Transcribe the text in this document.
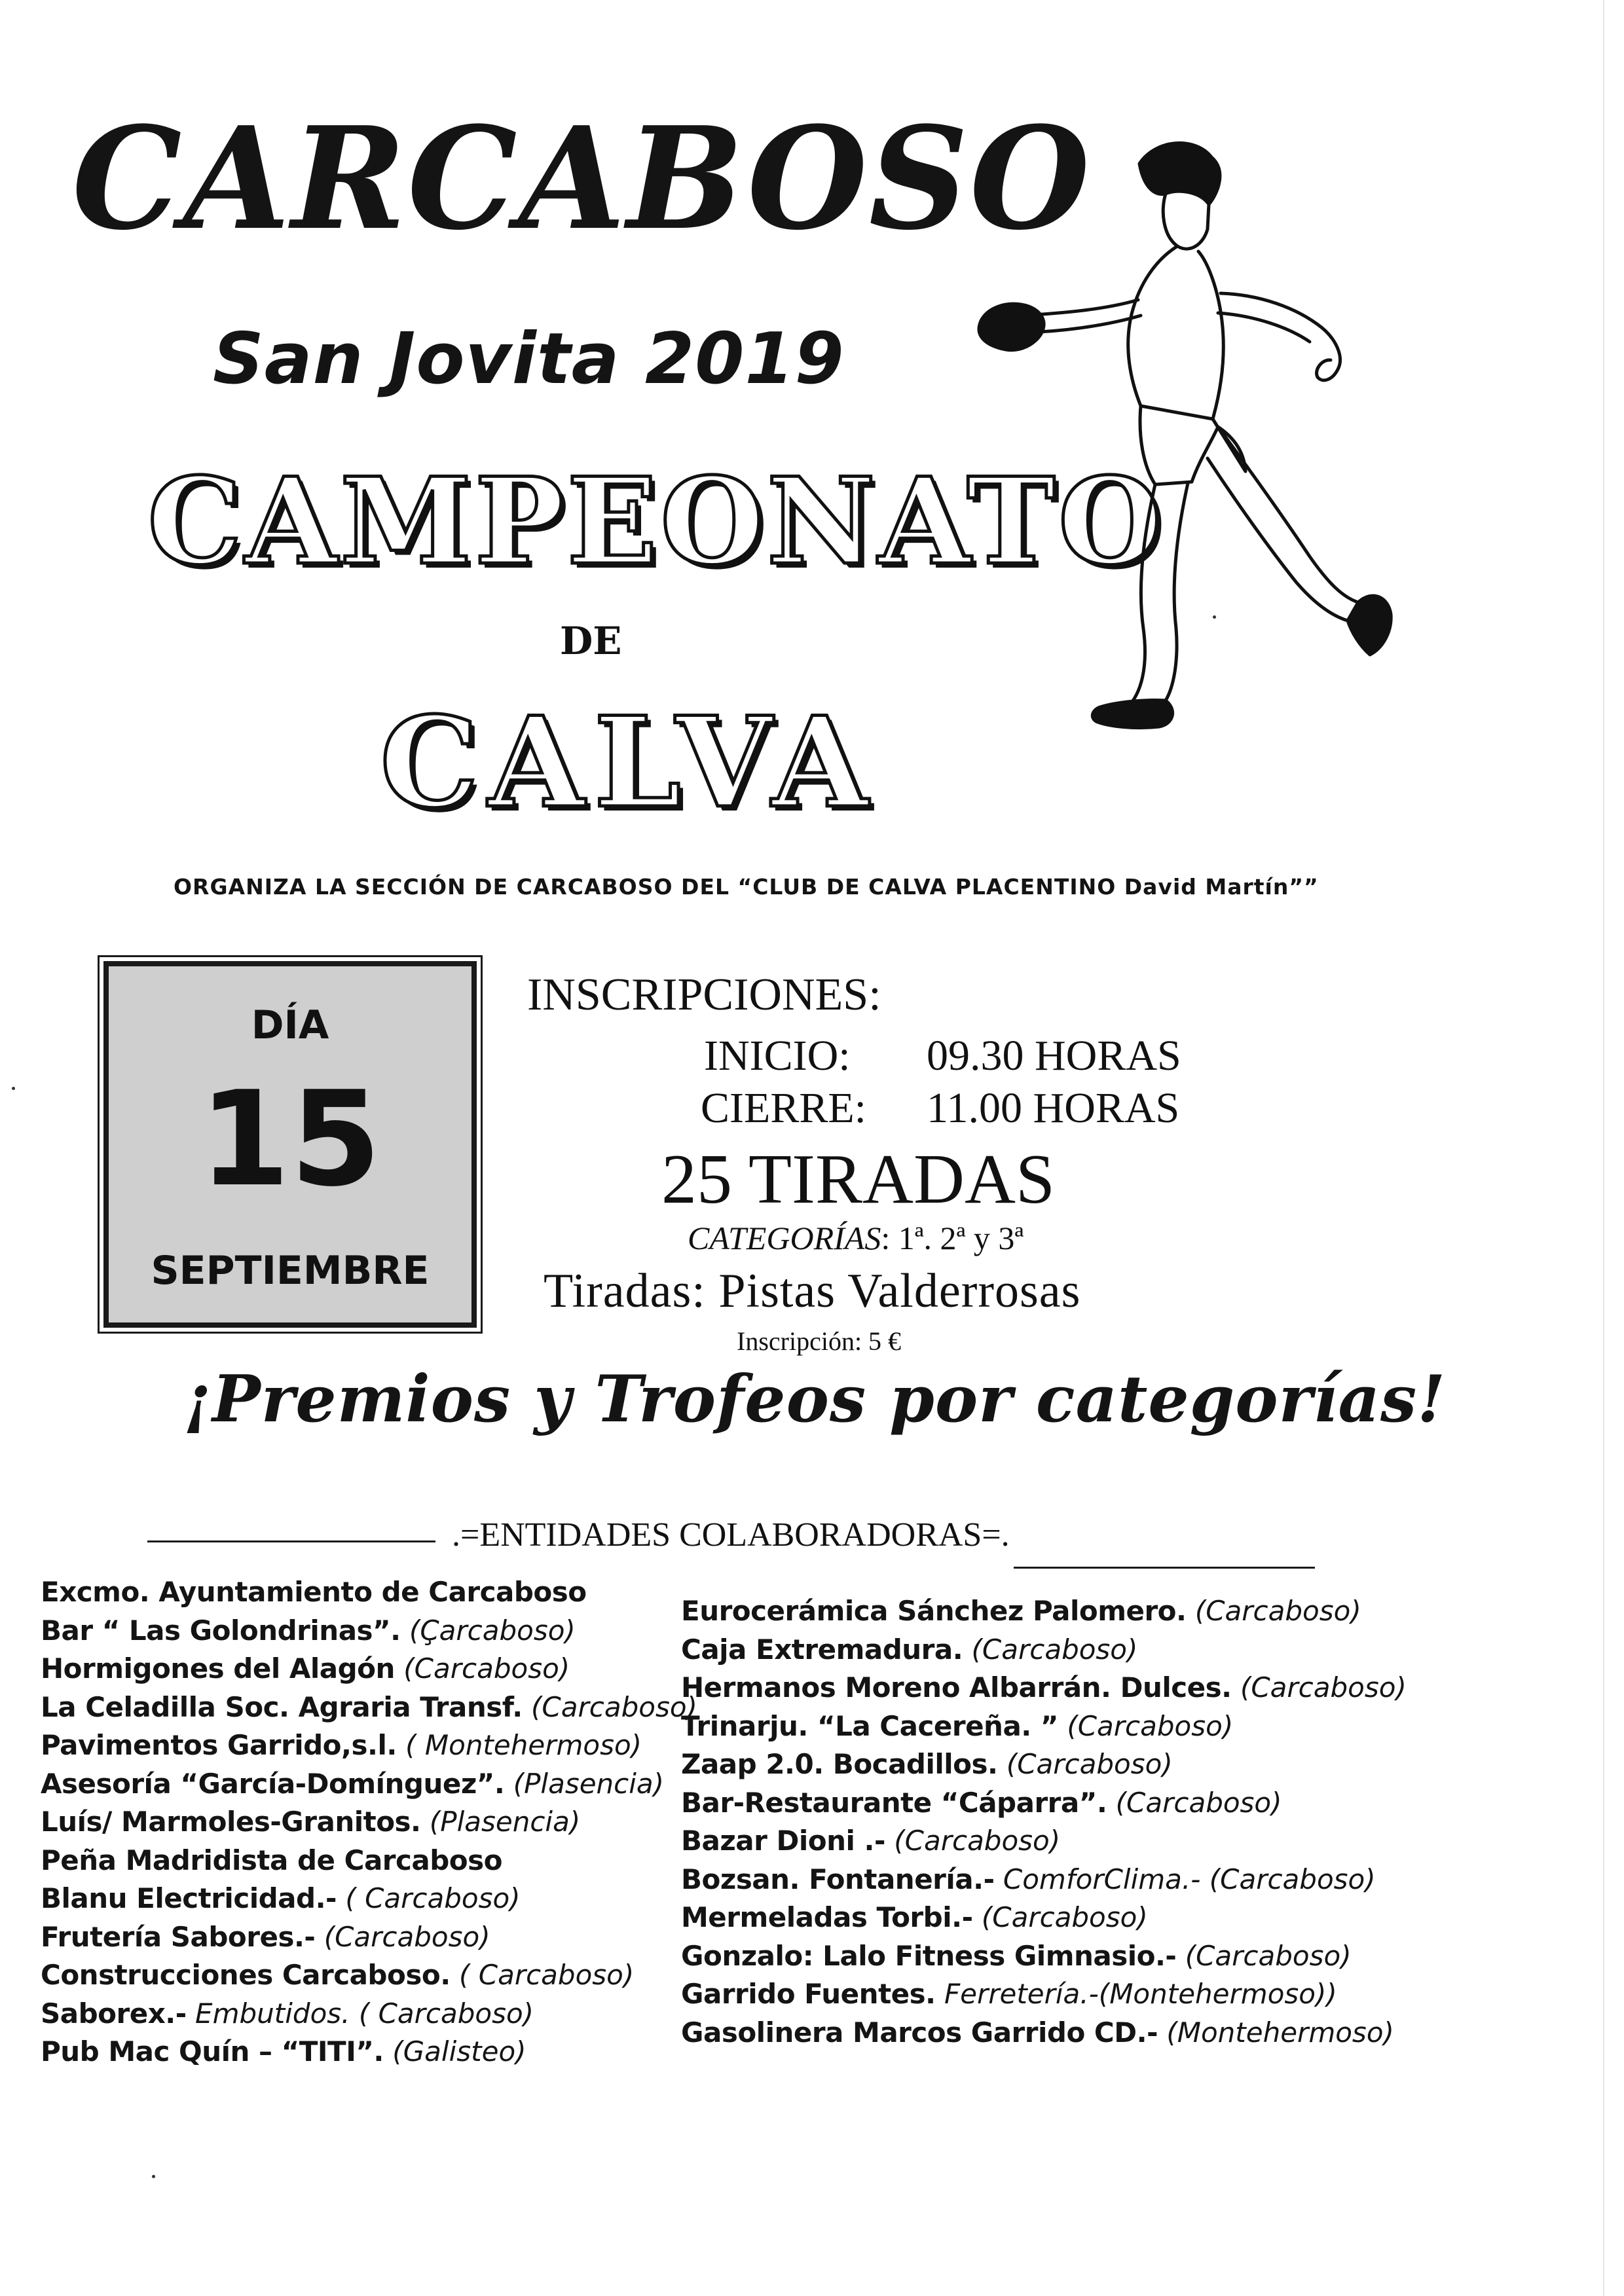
CARCABOSO
San Jovita 2019
CAMPEONATO
DE
CALVA
ORGANIZA LA SECCIÓN DE CARCABOSO DEL “CLUB DE CALVA PLACENTINO David Martín””
DÍA
15
SEPTIEMBRE
INSCRIPCIONES:
INICIO: 09.30 HORAS
CIERRE: 11.00 HORAS
25 TIRADAS
CATEGORÍAS: 1ª. 2ª y 3ª
Tiradas: Pistas Valderrosas
Inscripción: 5 €
¡Premios y Trofeos por categorías!
.=ENTIDADES COLABORADORAS=.
Excmo. Ayuntamiento de Carcaboso
Bar “ Las Golondrinas”. (Çarcaboso)
Hormigones del Alagón (Carcaboso)
La Celadilla Soc. Agraria Transf. (Carcaboso)
Pavimentos Garrido,s.l. ( Montehermoso)
Asesoría “García-Domínguez”. (Plasencia)
Luís/ Marmoles-Granitos. (Plasencia)
Peña Madridista de Carcaboso
Blanu Electricidad.- ( Carcaboso)
Frutería Sabores.- (Carcaboso)
Construcciones Carcaboso. ( Carcaboso)
Saborex.- Embutidos. ( Carcaboso)
Pub Mac Quín – “TITI”. (Galisteo)
Eurocerámica Sánchez Palomero. (Carcaboso)
Caja Extremadura. (Carcaboso)
Hermanos Moreno Albarrán. Dulces. (Carcaboso)
Trinarju. “La Cacereña. ” (Carcaboso)
Zaap 2.0. Bocadillos. (Carcaboso)
Bar-Restaurante “Cáparra”. (Carcaboso)
Bazar Dioni .- (Carcaboso)
Bozsan. Fontanería.- ComforClima.- (Carcaboso)
Mermeladas Torbi.- (Carcaboso)
Gonzalo: Lalo Fitness Gimnasio.- (Carcaboso)
Garrido Fuentes. Ferretería.-(Montehermoso))
Gasolinera Marcos Garrido CD.- (Montehermoso)
